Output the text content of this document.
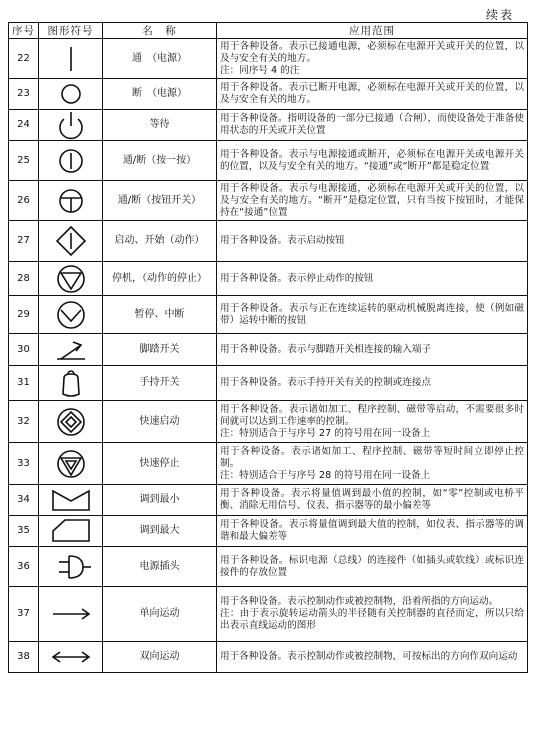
续表
序号	图形符号	名　称	应用范围
22		通　（电源）	用于各种设备。表示已接通电源，必须标在电源开关或开关的位置，以及与安全有关的地方。
注：同序号 4 的注
23		断　（电源）	用于各种设备。表示已断开电源，必须标在电源开关或开关的位置，以及与安全有关的地方。
24		等待	用于各种设备。指明设备的一部分已接通（合闸），而使设备处于准备使用状态的开关或开关位置
25		通/断（按一按）	用于各种设备。表示与电源接通或断开，必须标在电源开关或电源开关的位置，以及与安全有关的地方。“接通”或“断开”都是稳定位置
26		通/断（按钮开关）	用于各种设备。表示与电源接通，必须标在电源开关或开关的位置，以及与安全有关的地方。“断开”是稳定位置，只有当按下按钮时，才能保持在“接通”位置
27		启动、开始（动作）	用于各种设备。表示启动按钮
28		停机，（动作的停止）	用于各种设备。表示停止动作的按钮
29		暂停、中断	用于各种设备。表示与正在连续运转的驱动机械脱离连接，使（例如磁带）运转中断的按钮
30		脚踏开关	用于各种设备。表示与脚踏开关相连接的输入端子
31		手持开关	用于各种设备。表示手持开关有关的控制或连接点
32		快速启动	用于各种设备。表示诸如加工、程序控制、磁带等启动，不需要很多时间就可以达到工作速率的控制。
注：特别适合于与序号 27 的符号用在同一设备上
33		快速停止	用于各种设备。表示诸如加工、程序控制、磁带等短时间立即停止控制。
注：特别适合于与序号 28 的符号用在同一设备上
34		调到最小	用于各种设备。表示将量值调到最小值的控制，如“零”控制或电桥平衡、消除无用信号、仪表、指示器等的最小偏差等
35		调到最大	用于各种设备。表示将量值调到最大值的控制，如仪表、指示器等的调谐和最大偏差等
36		电源插头	用于各种设备。标识电源（总线）的连接件（如插头或软线）或标识连接件的存放位置
37		单向运动	用于各种设备。表示控制动作或被控制物，沿着所指的方向运动。
注：由于表示旋转运动箭头的半径随有关控制器的直径而定，所以只给出表示直线运动的图形
38		双向运动	用于各种设备。表示控制动作或被控制物，可按标出的方向作双向运动
